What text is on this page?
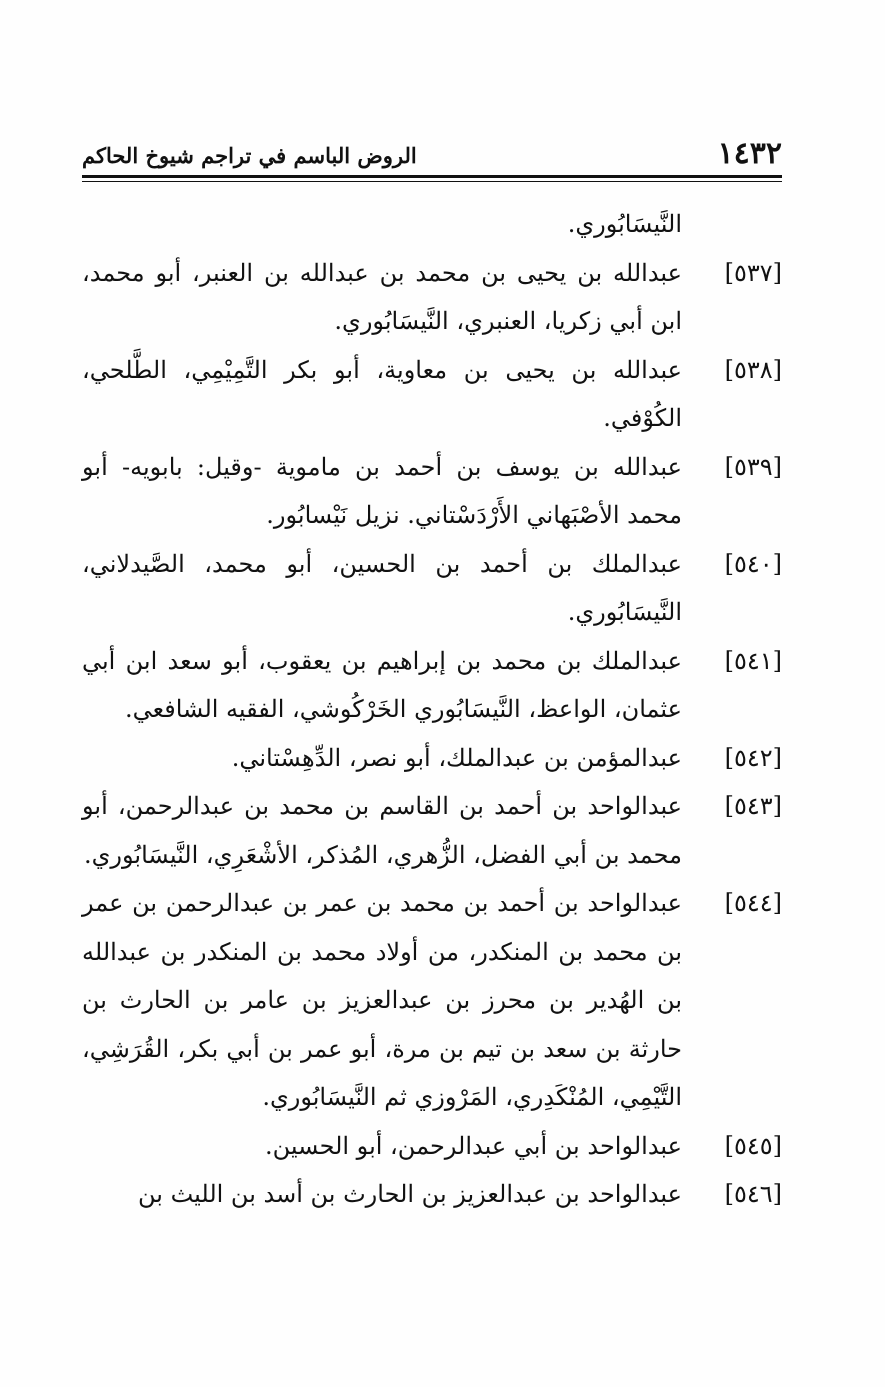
١٤٣٢
الروض الباسم في تراجم شيوخ الحاكم

النَّيسَابُوري.

[٥٣٧]عبدالله بن يحيى بن محمد بن عبدالله بن العنبر، أبو محمد، ابن أبي زكريا، العنبري، النَّيسَابُوري.

[٥٣٨]عبدالله بن يحيى بن معاوية، أبو بكر التَّمِيْمِي، الطَّلحي، الكُوْفي.

[٥٣٩]عبدالله بن يوسف بن أحمد بن ماموية -وقيل: بابويه- أبو محمد الأصْبَهاني الأَرْدَسْتاني. نزيل نَيْسابُور.

[٥٤٠]عبدالملك بن أحمد بن الحسين، أبو محمد، الصَّيدلاني، النَّيسَابُوري.

[٥٤١]عبدالملك بن محمد بن إبراهيم بن يعقوب، أبو سعد ابن أبي عثمان، الواعظ، النَّيسَابُوري الخَرْكُوشي، الفقيه الشافعي.

[٥٤٢]عبدالمؤمن بن عبدالملك، أبو نصر، الدِّهِسْتاني.

[٥٤٣]عبدالواحد بن أحمد بن القاسم بن محمد بن عبدالرحمن، أبو محمد بن أبي الفضل، الزُّهري، المُذكر، الأشْعَرِي، النَّيسَابُوري.

[٥٤٤]عبدالواحد بن أحمد بن محمد بن عمر بن عبدالرحمن بن عمر بن محمد بن المنكدر، من أولاد محمد بن المنكدر بن عبدالله بن الهُدير بن محرز بن عبدالعزيز بن عامر بن الحارث بن حارثة بن سعد بن تيم بن مرة، أبو عمر بن أبي بكر، القُرَشِي، التَّيْمِي، المُنْكَدِري، المَرْوزي ثم النَّيسَابُوري.

[٥٤٥]عبدالواحد بن أبي عبدالرحمن، أبو الحسين.

[٥٤٦]عبدالواحد بن عبدالعزيز بن الحارث بن أسد بن الليث بن
